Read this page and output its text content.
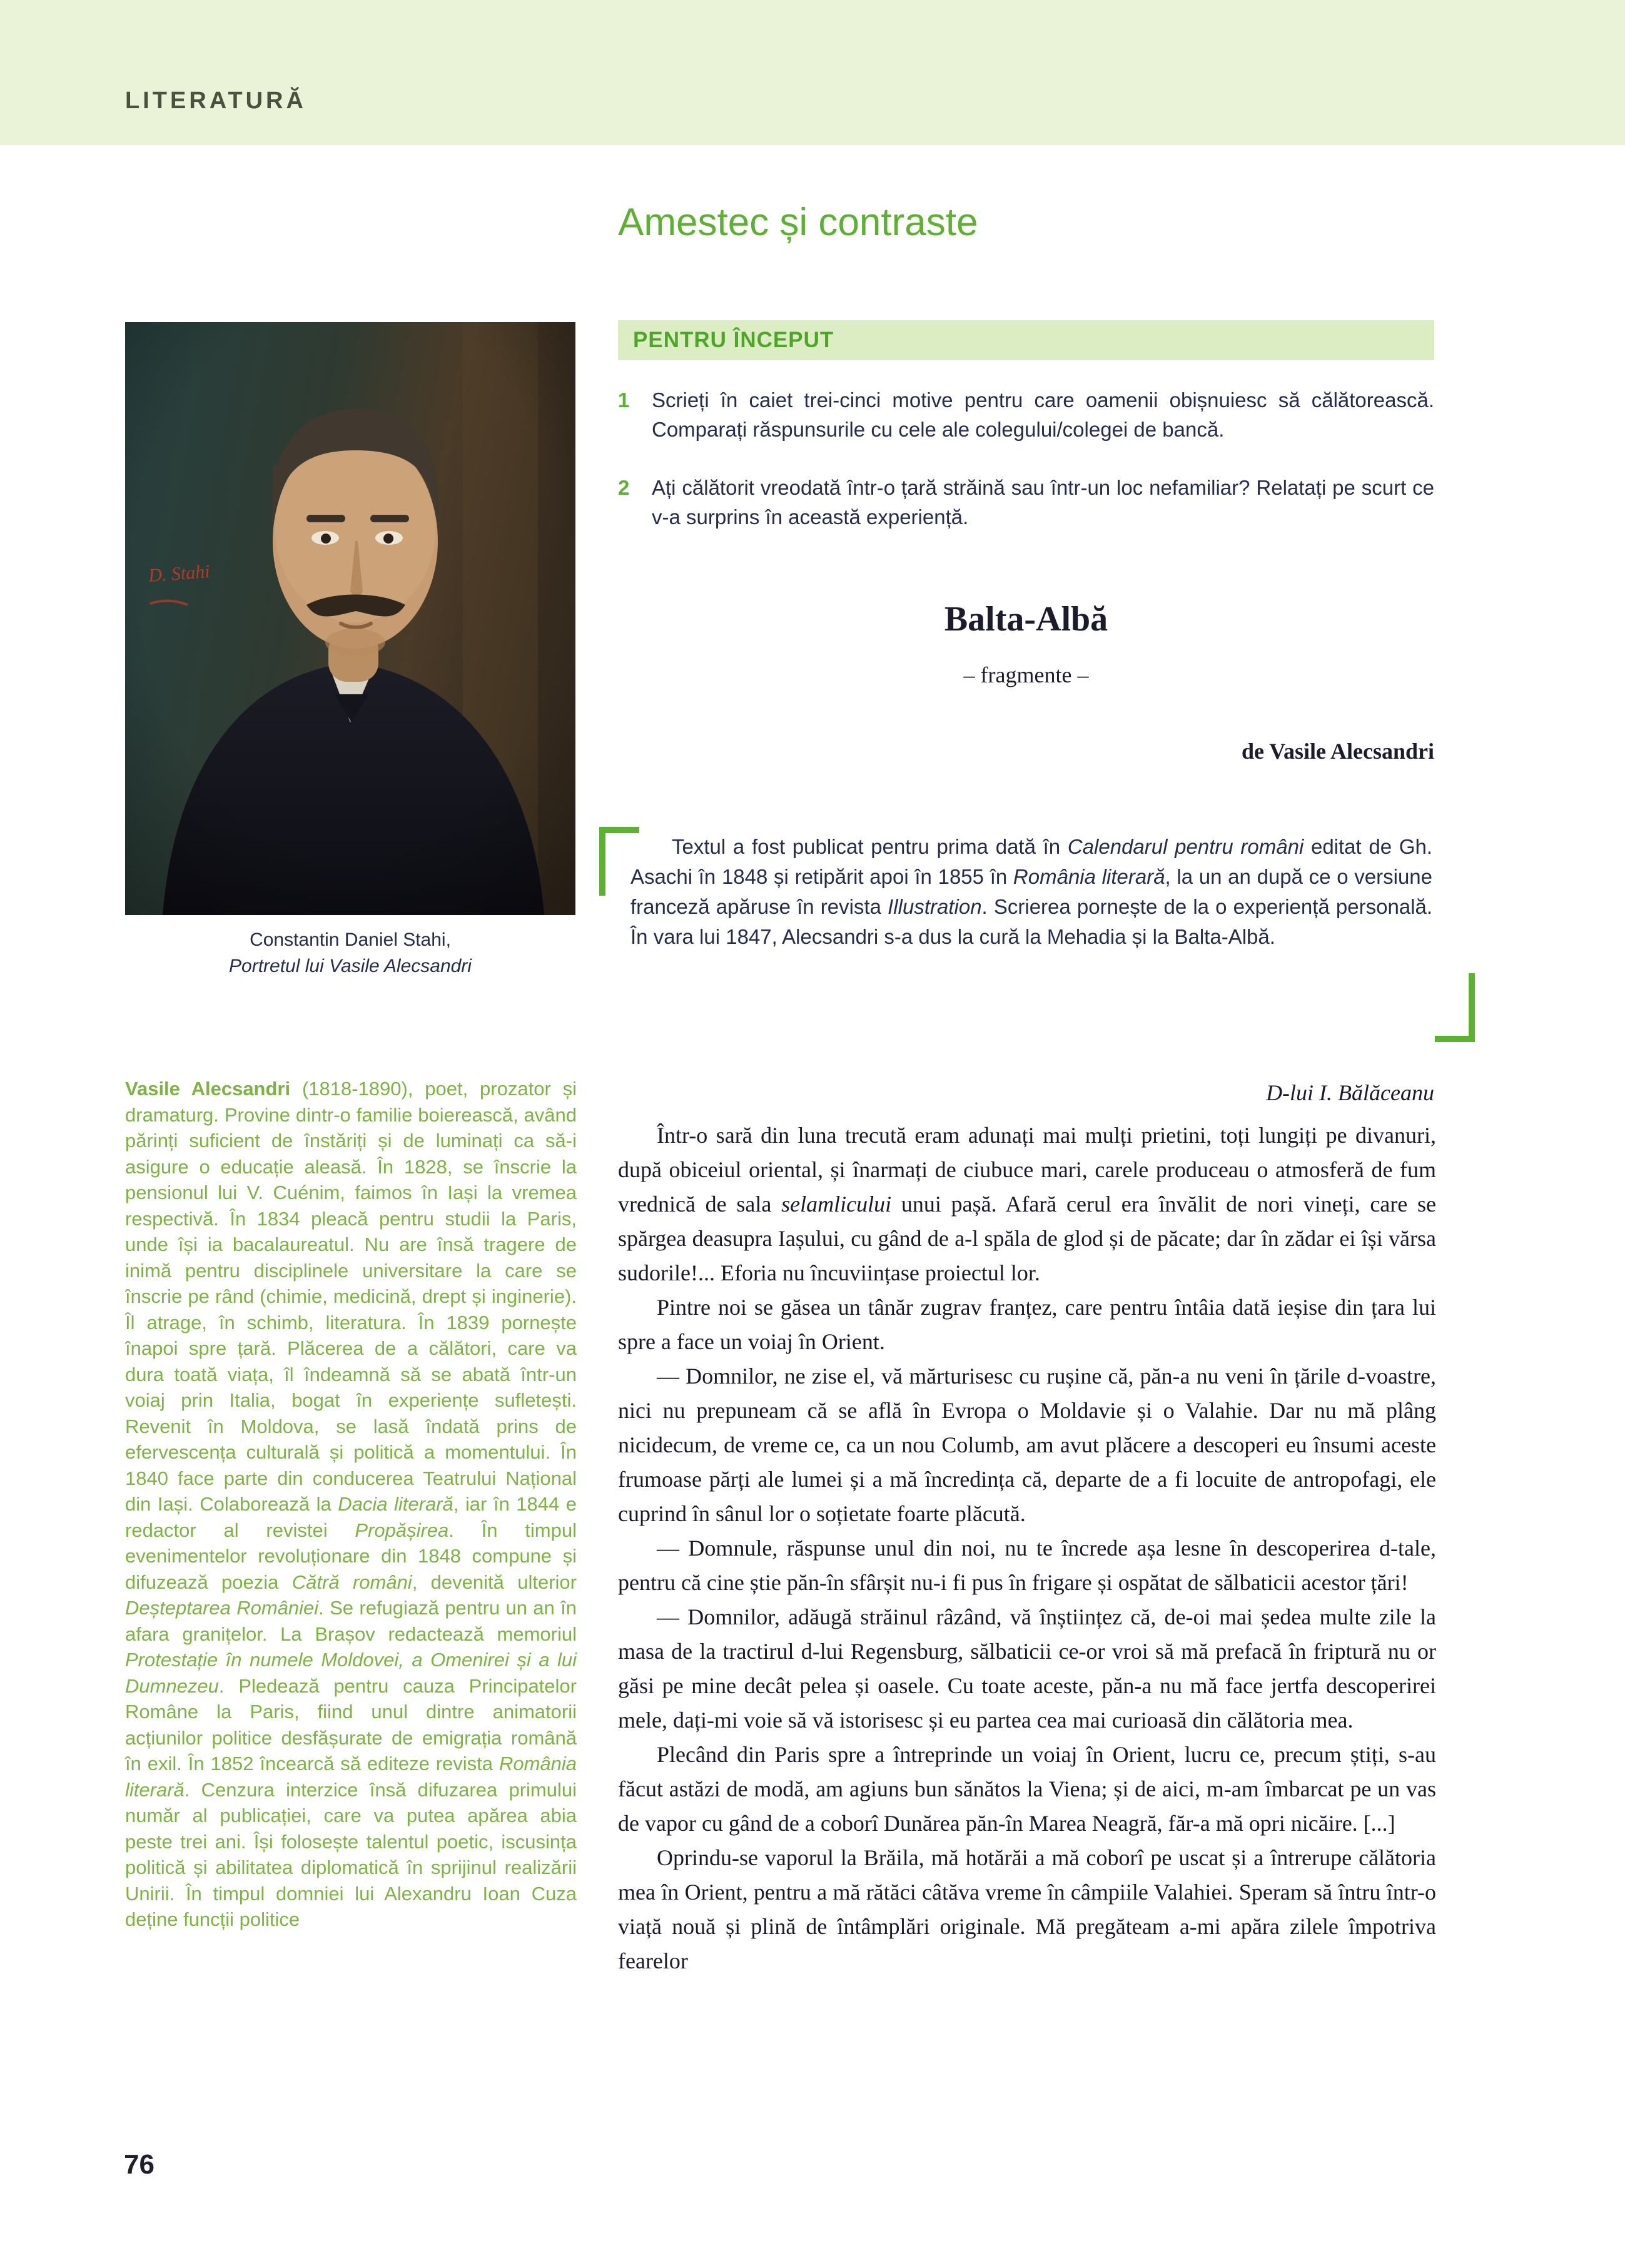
LITERATURĂ
Amestec și contraste
PENTRU ÎNCEPUT
1	Scrieți în caiet trei-cinci motive pentru care oamenii obișnuiesc să călătorească. Comparați răspunsurile cu cele ale colegului/colegei de bancă.
2	Ați călătorit vreodată într-o țară străină sau într-un loc nefamiliar? Relatați pe scurt ce v-a surprins în această experiență.
Constantin Daniel Stahi,
Portretul lui Vasile Alecsandri
Vasile Alecsandri (1818-1890), poet, prozator și dramaturg. Provine dintr-o familie boierească, având părinți suficient de înstăriți și de luminați ca să-i asigure o educație aleasă. În 1828, se înscrie la pensionul lui V. Cuénim, faimos în Iași la vremea respectivă. În 1834 pleacă pentru studii la Paris, unde își ia bacalaureatul. Nu are însă tragere de inimă pentru disciplinele universitare la care se înscrie pe rând (chimie, medicină, drept și inginerie). Îl atrage, în schimb, literatura. În 1839 pornește înapoi spre țară. Plăcerea de a călători, care va dura toată viața, îl îndeamnă să se abată într-un voiaj prin Italia, bogat în experiențe sufletești. Revenit în Moldova, se lasă îndată prins de efervescența culturală și politică a momentului. În 1840 face parte din conducerea Teatrului Național din Iași. Colaborează la Dacia literară, iar în 1844 e redactor al revistei Propășirea. În timpul evenimentelor revoluționare din 1848 compune și difuzează poezia Cătră români, devenită ulterior Deșteptarea României. Se refugiază pentru un an în afara granițelor. La Brașov redactează memoriul Protestație în numele Moldovei, a Omenirei și a lui Dumnezeu. Pledează pentru cauza Principatelor Române la Paris, fiind unul dintre animatorii acțiunilor politice desfășurate de emigrația română în exil. În 1852 încearcă să editeze revista România literară. Cenzura interzice însă difuzarea primului număr al publicației, care va putea apărea abia peste trei ani. Își folosește talentul poetic, iscusința politică și abilitatea diplomatică în sprijinul realizării Unirii. În timpul domniei lui Alexandru Ioan Cuza deține funcții politice
Balta-Albă
– fragmente –
de Vasile Alecsandri
Textul a fost publicat pentru prima dată în Calendarul pentru români editat de Gh. Asachi în 1848 și retipărit apoi în 1855 în România literară, la un an după ce o versiune franceză apăruse în revista Illustration. Scrierea pornește de la o experiență personală. În vara lui 1847, Alecsandri s-a dus la cură la Mehadia și la Balta-Albă.
D-lui I. Bălăceanu

Într-o sară din luna trecută eram adunați mai mulți prietini, toți lungiți pe divanuri, după obiceiul oriental, și înarmați de ciubuce mari, carele produceau o atmosferă de fum vrednică de sala selamlicului unui pașă. Afară cerul era învălit de nori vineți, care se spărgea deasupra Iașului, cu gând de a-l spăla de glod și de păcate; dar în zădar ei își vărsa sudorile!... Eforia nu încuviințase proiectul lor.

Pintre noi se găsea un tânăr zugrav franțez, care pentru întâia dată ieșise din țara lui spre a face un voiaj în Orient.

— Domnilor, ne zise el, vă mărturisesc cu rușine că, păn-a nu veni în țările d-voastre, nici nu prepuneam că se află în Evropa o Moldavie și o Valahie. Dar nu mă plâng nicidecum, de vreme ce, ca un nou Columb, am avut plăcere a descoperi eu însumi aceste frumoase părți ale lumei și a mă încredința că, departe de a fi locuite de antropofagi, ele cuprind în sânul lor o soțietate foarte plăcută.

— Domnule, răspunse unul din noi, nu te încrede așa lesne în descoperirea d-tale, pentru că cine știe păn-în sfârșit nu-i fi pus în frigare și ospătat de sălbaticii acestor țări!

— Domnilor, adăugă străinul râzând, vă înștiințez că, de-oi mai ședea multe zile la masa de la tractirul d-lui Regensburg, sălbaticii ce-or vroi să mă prefacă în friptură nu or găsi pe mine decât pelea și oasele. Cu toate aceste, păn-a nu mă face jertfa descoperirei mele, dați-mi voie să vă istorisesc și eu partea cea mai curioasă din călătoria mea.

Plecând din Paris spre a întreprinde un voiaj în Orient, lucru ce, precum știți, s-au făcut astăzi de modă, am agiuns bun sănătos la Viena; și de aici, m-am îmbarcat pe un vas de vapor cu gând de a coborî Dunărea păn-în Marea Neagră, făr-a mă opri nicăire. [...]

Oprindu-se vaporul la Brăila, mă hotărăi a mă coborî pe uscat și a întrerupe călătoria mea în Orient, pentru a mă rătăci câtăva vreme în câmpiile Valahiei. Speram să întru într-o viață nouă și plină de întâmplări originale. Mă pregăteam a-mi apăra zilele împotriva fearelor

76
